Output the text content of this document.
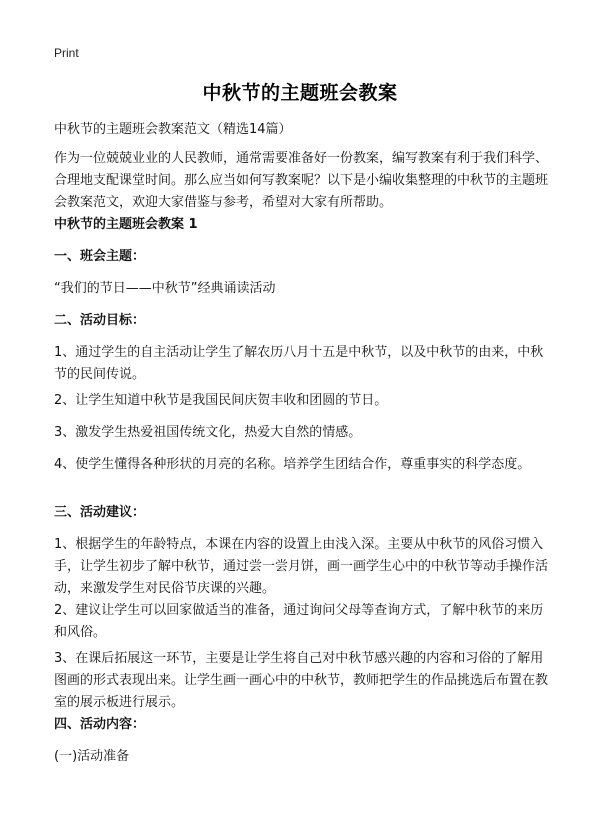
Print
中秋节的主题班会教案
中秋节的主题班会教案范文（精选14篇）
作为一位兢兢业业的人民教师，通常需要准备好一份教案，编写教案有利于我们科学、合理地支配课堂时间。那么应当如何写教案呢？以下是小编收集整理的中秋节的主题班会教案范文，欢迎大家借鉴与参考，希望对大家有所帮助。
中秋节的主题班会教案 1
一、班会主题：
“我们的节日——中秋节”经典诵读活动
二、活动目标：
1、通过学生的自主活动让学生了解农历八月十五是中秋节，以及中秋节的由来，中秋节的民间传说。
2、让学生知道中秋节是我国民间庆贺丰收和团圆的节日。
3、激发学生热爱祖国传统文化，热爱大自然的情感。
4、使学生懂得各种形状的月亮的名称。培养学生团结合作，尊重事实的科学态度。
三、活动建议：
1、根据学生的年龄特点，本课在内容的设置上由浅入深。主要从中秋节的风俗习惯入手，让学生初步了解中秋节，通过尝一尝月饼，画一画学生心中的中秋节等动手操作活动，来激发学生对民俗节庆课的兴趣。
2、建议让学生可以回家做适当的准备，通过询问父母等查询方式，了解中秋节的来历和风俗。
3、在课后拓展这一环节，主要是让学生将自己对中秋节感兴趣的内容和习俗的了解用图画的形式表现出来。让学生画一画心中的中秋节，教师把学生的作品挑选后布置在教室的展示板进行展示。
四、活动内容：
(一)活动准备
